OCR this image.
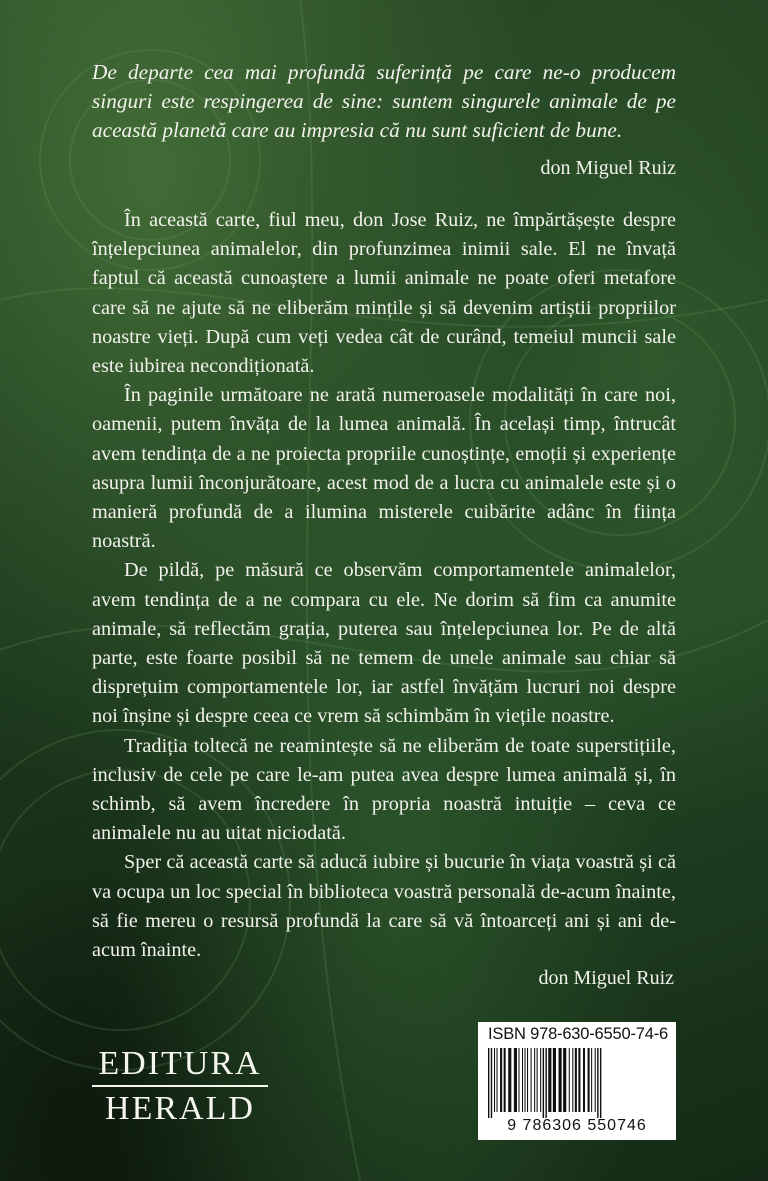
De departe cea mai profundă suferință pe care ne-o producem singuri este respingerea de sine: suntem singurele animale de pe această planetă care au impresia că nu sunt suficient de bune.

don Miguel Ruiz

În această carte, fiul meu, don Jose Ruiz, ne împărtășește despre înțelepciunea animalelor, din profunzimea inimii sale. El ne învață faptul că această cunoaștere a lumii animale ne poate oferi metafore care să ne ajute să ne eliberăm mințile și să devenim artiștii propriilor noastre vieți. După cum veți vedea cât de curând, temeiul muncii sale este iubirea necondiționată.

În paginile următoare ne arată numeroasele modalități în care noi, oamenii, putem învăța de la lumea animală. În același timp, întrucât avem tendința de a ne proiecta propriile cunoștințe, emoții și experiențe asupra lumii înconjurătoare, acest mod de a lucra cu animalele este și o manieră profundă de a ilumina misterele cuibărite adânc în ființa noastră.

De pildă, pe măsură ce observăm comportamentele animalelor, avem tendința de a ne compara cu ele. Ne dorim să fim ca anumite animale, să reflectăm grația, puterea sau înțelepciunea lor. Pe de altă parte, este foarte posibil să ne temem de unele animale sau chiar să disprețuim comportamentele lor, iar astfel învățăm lucruri noi despre noi înșine și despre ceea ce vrem să schimbăm în viețile noastre.

Tradiția toltecă ne reamintește să ne eliberăm de toate superstițiile, inclusiv de cele pe care le-am putea avea despre lumea animală și, în schimb, să avem încredere în propria noastră intuiție – ceva ce animalele nu au uitat niciodată.

Sper că această carte să aducă iubire și bucurie în viața voastră și că va ocupa un loc special în biblioteca voastră personală de-acum înainte, să fie mereu o resursă profundă la care să vă întoarceți ani și ani de-acum înainte.

don Miguel Ruiz
EDITURA
HERALD
ISBN 978-630-6550-74-6
9 786306 550746
